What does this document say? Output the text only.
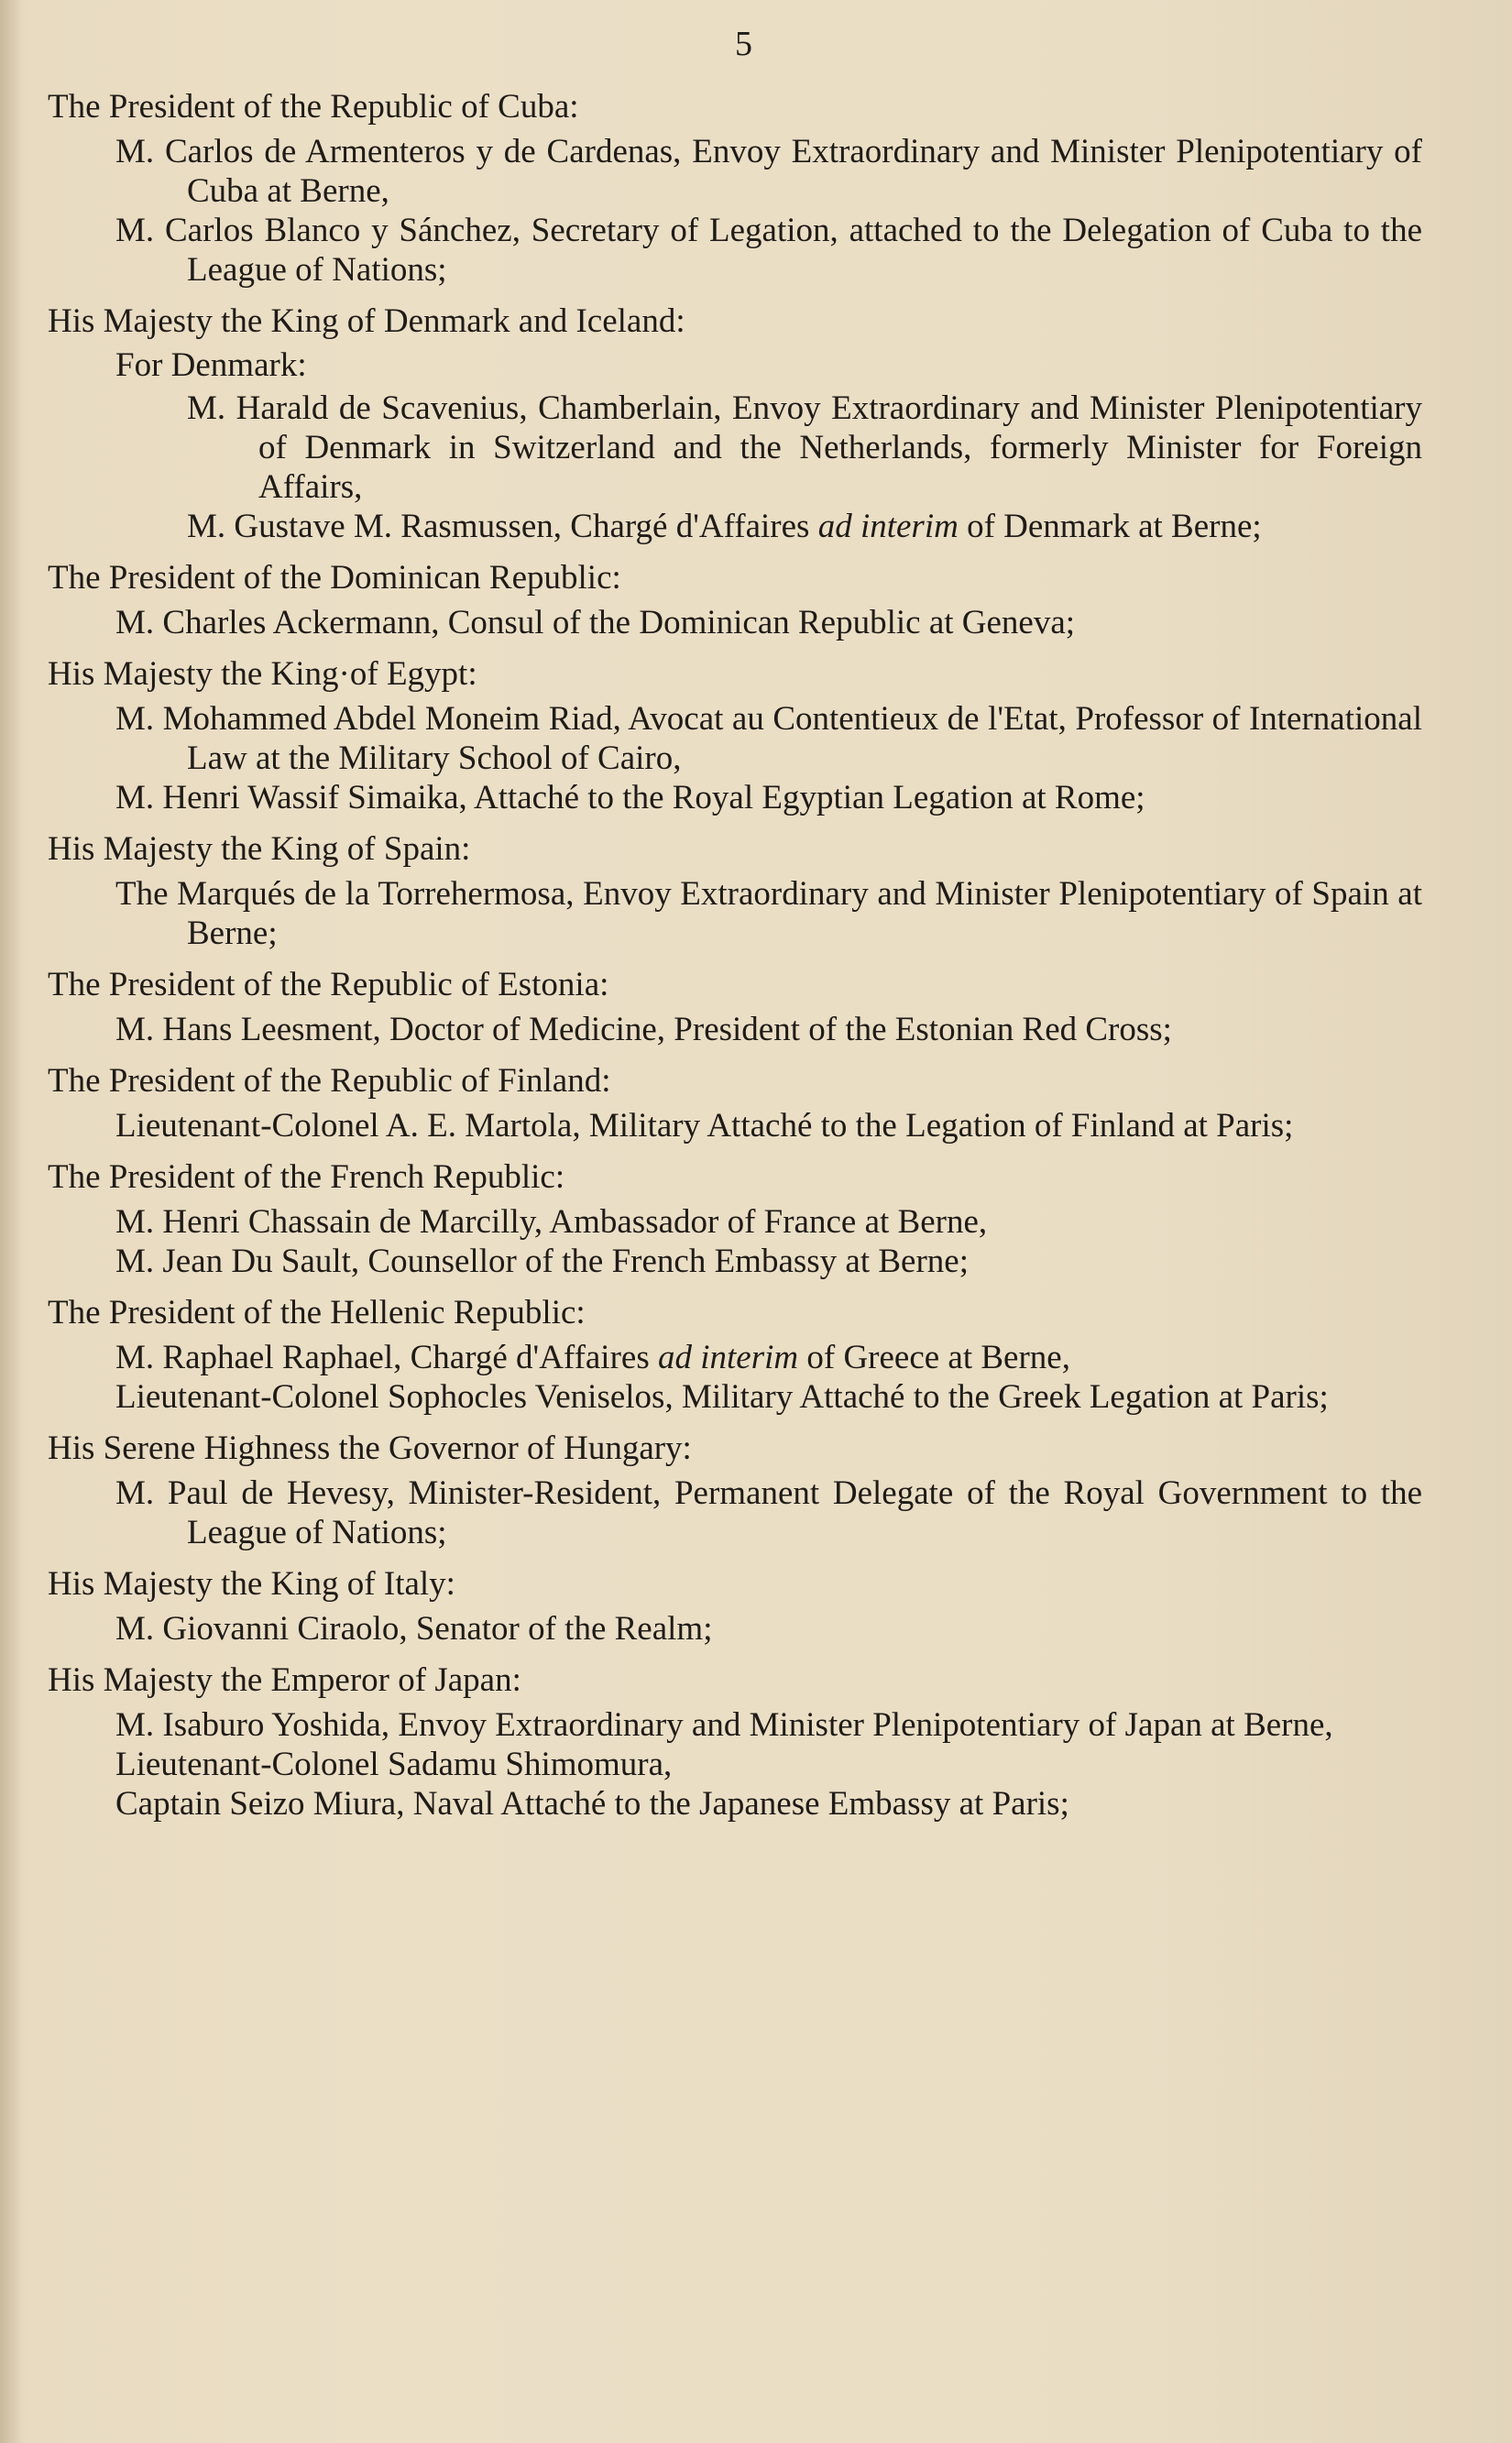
5
The President of the Republic of Cuba:
M. Carlos de Armenteros y de Cardenas, Envoy Extraordinary and Minister Plenipotentiary of Cuba at Berne,
M. Carlos Blanco y Sánchez, Secretary of Legation, attached to the Delegation of Cuba to the League of Nations;
His Majesty the King of Denmark and Iceland:
For Denmark:
M. Harald de Scavenius, Chamberlain, Envoy Extraordinary and Minister Plenipotentiary of Denmark in Switzerland and the Netherlands, formerly Minister for Foreign Affairs,
M. Gustave M. Rasmussen, Chargé d'Affaires ad interim of Denmark at Berne;
The President of the Dominican Republic:
M. Charles Ackermann, Consul of the Dominican Republic at Geneva;
His Majesty the King·of Egypt:
M. Mohammed Abdel Moneim Riad, Avocat au Contentieux de l'Etat, Professor of International Law at the Military School of Cairo,
M. Henri Wassif Simaika, Attaché to the Royal Egyptian Legation at Rome;
His Majesty the King of Spain:
The Marqués de la Torrehermosa, Envoy Extraordinary and Minister Plenipotentiary of Spain at Berne;
The President of the Republic of Estonia:
M. Hans Leesment, Doctor of Medicine, President of the Estonian Red Cross;
The President of the Republic of Finland:
Lieutenant-Colonel A. E. Martola, Military Attaché to the Legation of Finland at Paris;
The President of the French Republic:
M. Henri Chassain de Marcilly, Ambassador of France at Berne,
M. Jean Du Sault, Counsellor of the French Embassy at Berne;
The President of the Hellenic Republic:
M. Raphael Raphael, Chargé d'Affaires ad interim of Greece at Berne,
Lieutenant-Colonel Sophocles Veniselos, Military Attaché to the Greek Legation at Paris;
His Serene Highness the Governor of Hungary:
M. Paul de Hevesy, Minister-Resident, Permanent Delegate of the Royal Government to the League of Nations;
His Majesty the King of Italy:
M. Giovanni Ciraolo, Senator of the Realm;
His Majesty the Emperor of Japan:
M. Isaburo Yoshida, Envoy Extraordinary and Minister Plenipotentiary of Japan at Berne,
Lieutenant-Colonel Sadamu Shimomura,
Captain Seizo Miura, Naval Attaché to the Japanese Embassy at Paris;
